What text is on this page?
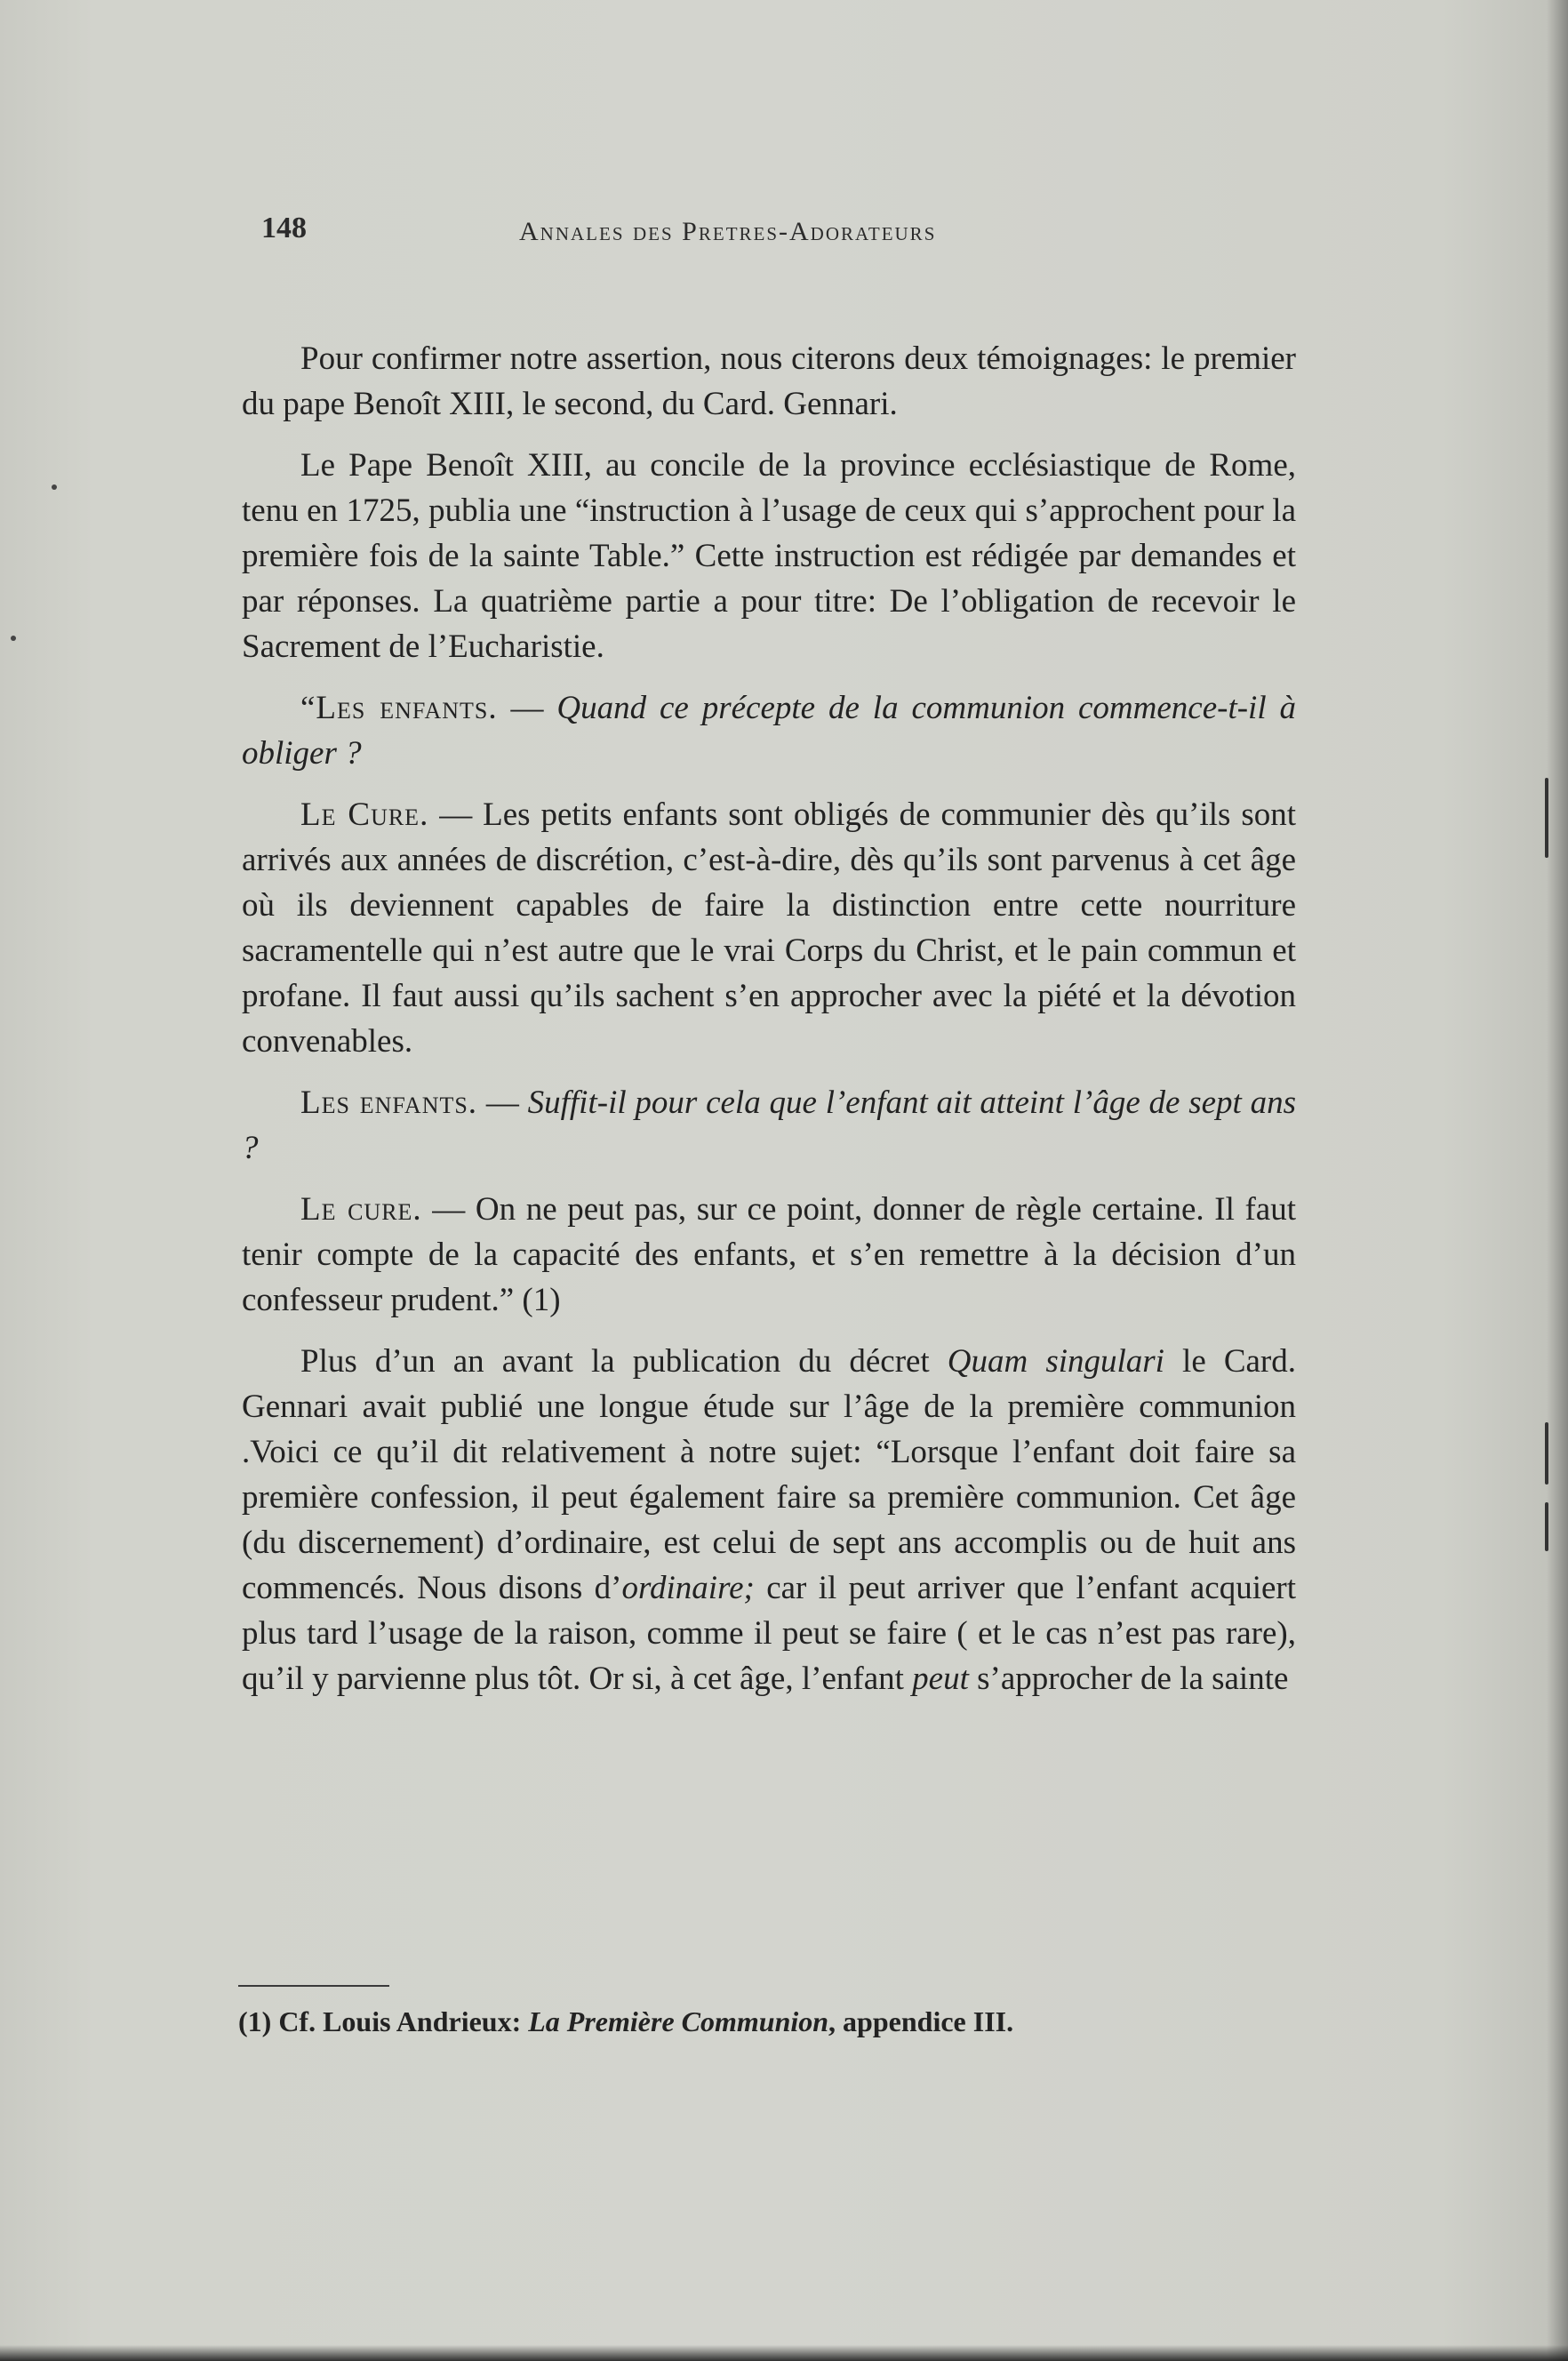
148	Annales des Pretres-Adorateurs

Pour confirmer notre assertion, nous citerons deux témoignages: le premier du pape Benoît XIII, le second, du Card. Gennari.

Le Pape Benoît XIII, au concile de la province ecclésiastique de Rome, tenu en 1725, publia une “instruction à l’usage de ceux qui s’approchent pour la première fois de la sainte Table.” Cette instruction est rédigée par demandes et par réponses. La quatrième partie a pour titre: De l’obligation de recevoir le Sacrement de l’Eucharistie.

“Les enfants. — Quand ce précepte de la communion commence-t-il à obliger ?

Le Cure. — Les petits enfants sont obligés de communier dès qu’ils sont arrivés aux années de discrétion, c’est-à-dire, dès qu’ils sont parvenus à cet âge où ils deviennent capables de faire la distinction entre cette nourriture sacramentelle qui n’est autre que le vrai Corps du Christ, et le pain commun et profane. Il faut aussi qu’ils sachent s’en approcher avec la piété et la dévotion convenables.

Les enfants. — Suffit-il pour cela que l’enfant ait atteint l’âge de sept ans ?

Le cure. — On ne peut pas, sur ce point, donner de règle certaine. Il faut tenir compte de la capacité des enfants, et s’en remettre à la décision d’un confesseur prudent.” (1)

Plus d’un an avant la publication du décret Quam singulari le Card. Gennari avait publié une longue étude sur l’âge de la première communion .Voici ce qu’il dit relativement à notre sujet: “Lorsque l’enfant doit faire sa première confession, il peut également faire sa première communion. Cet âge (du discernement) d’ordinaire, est celui de sept ans accomplis ou de huit ans commencés. Nous disons d’ordinaire; car il peut arriver que l’enfant acquiert plus tard l’usage de la raison, comme il peut se faire ( et le cas n’est pas rare), qu’il y parvienne plus tôt. Or si, à cet âge, l’enfant peut s’approcher de la sainte

(1) Cf. Louis Andrieux: La Première Communion, appendice III.
